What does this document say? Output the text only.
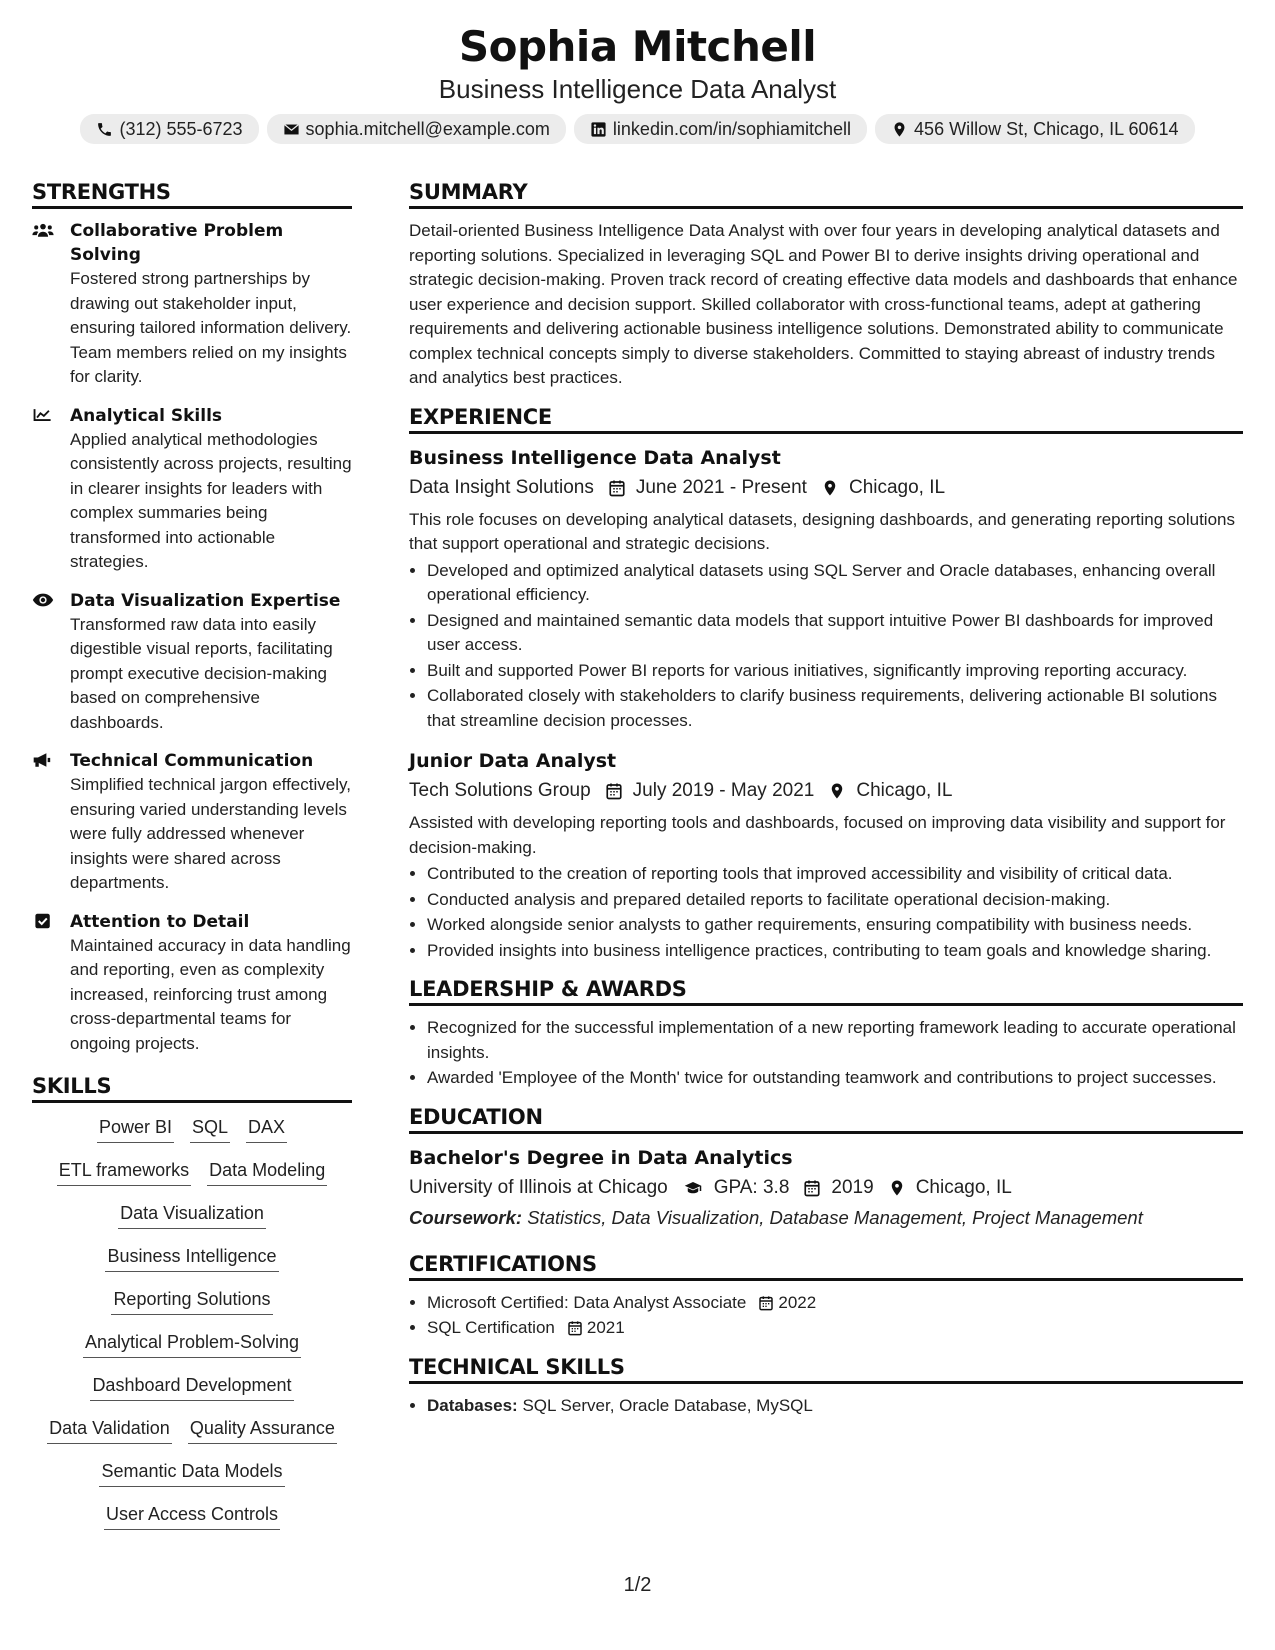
Sophia Mitchell
Business Intelligence Data Analyst
(312) 555-6723	sophia.mitchell@example.com	linkedin.com/in/sophiamitchell	456 Willow St, Chicago, IL 60614
STRENGTHS
Collaborative Problem Solving
Fostered strong partnerships by drawing out stakeholder input, ensuring tailored information delivery. Team members relied on my insights for clarity.
Analytical Skills
Applied analytical methodologies consistently across projects, resulting in clearer insights for leaders with complex summaries being transformed into actionable strategies.
Data Visualization Expertise
Transformed raw data into easily digestible visual reports, facilitating prompt executive decision-making based on comprehensive dashboards.
Technical Communication
Simplified technical jargon effectively, ensuring varied understanding levels were fully addressed whenever insights were shared across departments.
Attention to Detail
Maintained accuracy in data handling and reporting, even as complexity increased, reinforcing trust among cross-departmental teams for ongoing projects.
SKILLS
Power BI SQL DAX
ETL frameworks Data Modeling
Data Visualization
Business Intelligence
Reporting Solutions
Analytical Problem-Solving
Dashboard Development
Data Validation Quality Assurance
Semantic Data Models
User Access Controls
SUMMARY

Detail-oriented Business Intelligence Data Analyst with over four years in developing analytical datasets and reporting solutions. Specialized in leveraging SQL and Power BI to derive insights driving operational and strategic decision-making. Proven track record of creating effective data models and dashboards that enhance user experience and decision support. Skilled collaborator with cross-functional teams, adept at gathering requirements and delivering actionable business intelligence solutions. Demonstrated ability to communicate complex technical concepts simply to diverse stakeholders. Committed to staying abreast of industry trends and analytics best practices.

EXPERIENCE
Business Intelligence Data Analyst
Data Insight Solutions June 2021 - Present Chicago, IL

This role focuses on developing analytical datasets, designing dashboards, and generating reporting solutions that support operational and strategic decisions.

• Developed and optimized analytical datasets using SQL Server and Oracle databases, enhancing overall operational efficiency.
• Designed and maintained semantic data models that support intuitive Power BI dashboards for improved user access.
• Built and supported Power BI reports for various initiatives, significantly improving reporting accuracy.
• Collaborated closely with stakeholders to clarify business requirements, delivering actionable BI solutions that streamline decision processes.
Junior Data Analyst
Tech Solutions Group July 2019 - May 2021 Chicago, IL

Assisted with developing reporting tools and dashboards, focused on improving data visibility and support for decision-making.

• Contributed to the creation of reporting tools that improved accessibility and visibility of critical data.
• Conducted analysis and prepared detailed reports to facilitate operational decision-making.
• Worked alongside senior analysts to gather requirements, ensuring compatibility with business needs.
• Provided insights into business intelligence practices, contributing to team goals and knowledge sharing.
LEADERSHIP & AWARDS
• Recognized for the successful implementation of a new reporting framework leading to accurate operational insights.
• Awarded 'Employee of the Month' twice for outstanding teamwork and contributions to project successes.
EDUCATION
Bachelor's Degree in Data Analytics
University of Illinois at Chicago GPA: 3.8 2019 Chicago, IL
Coursework: Statistics, Data Visualization, Database Management, Project Management
CERTIFICATIONS
• Microsoft Certified: Data Analyst Associate 2022
• SQL Certification 2021
TECHNICAL SKILLS
• Databases: SQL Server, Oracle Database, MySQL
1/2
